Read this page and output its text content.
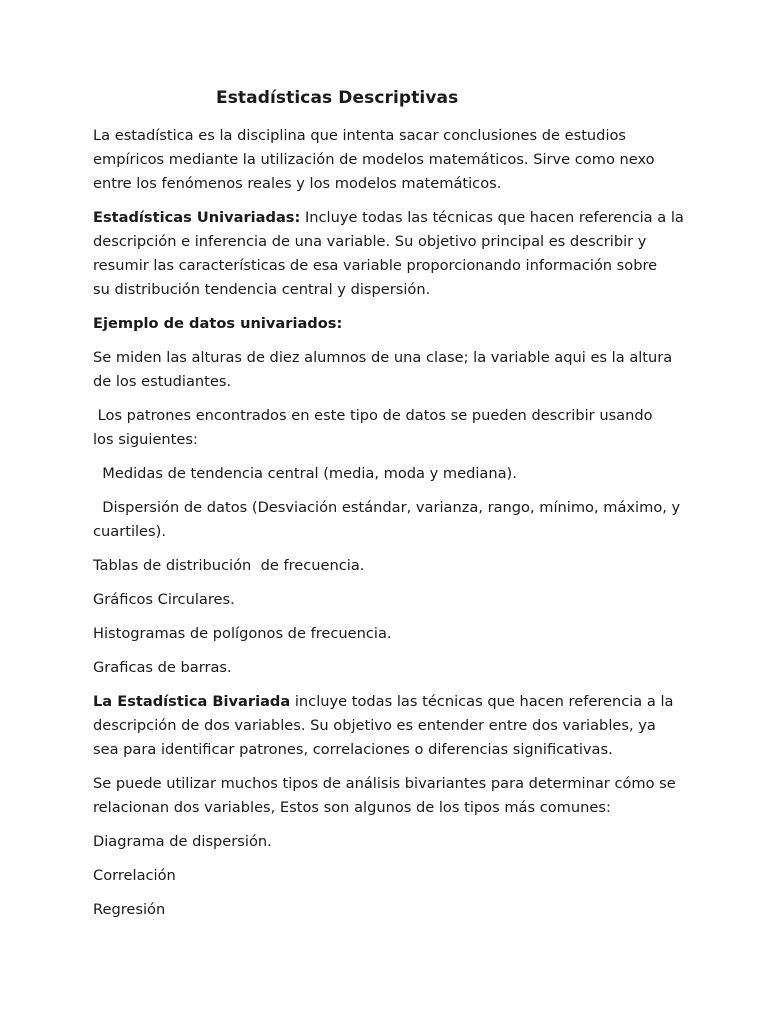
Estadísticas Descriptivas

La estadística es la disciplina que intenta sacar conclusiones de estudios
empíricos mediante la utilización de modelos matemáticos. Sirve como nexo
entre los fenómenos reales y los modelos matemáticos.

Estadísticas Univariadas: Incluye todas las técnicas que hacen referencia a la
descripción e inferencia de una variable. Su objetivo principal es describir y
resumir las características de esa variable proporcionando información sobre
su distribución tendencia central y dispersión.

Ejemplo de datos univariados:

Se miden las alturas de diez alumnos de una clase; la variable aqui es la altura
de los estudiantes.

Los patrones encontrados en este tipo de datos se pueden describir usando
los siguientes:

Medidas de tendencia central (media, moda y mediana).

Dispersión de datos (Desviación estándar, varianza, rango, mínimo, máximo, y
cuartiles).

Tablas de distribución  de frecuencia.

Gráficos Circulares.

Histogramas de polígonos de frecuencia.

Graficas de barras.

La Estadística Bivariada incluye todas las técnicas que hacen referencia a la
descripción de dos variables. Su objetivo es entender entre dos variables, ya
sea para identificar patrones, correlaciones o diferencias significativas.

Se puede utilizar muchos tipos de análisis bivariantes para determinar cómo se
relacionan dos variables, Estos son algunos de los tipos más comunes:

Diagrama de dispersión.

Correlación

Regresión
